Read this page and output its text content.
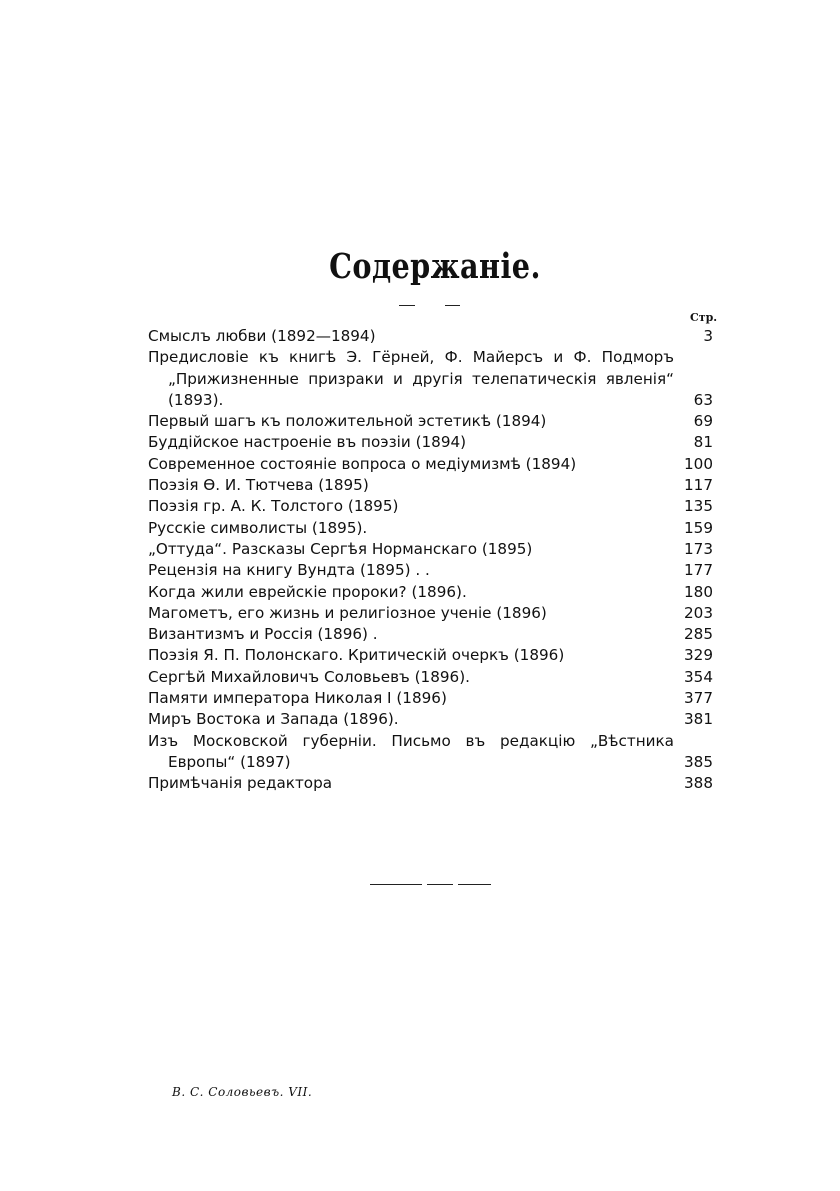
Содержанiе.
Стр.
Смыслъ любви (1892—1894)	3
Предисловiе къ книгѣ Э. Гёрней, Ф. Майерсъ и Ф. Подморъ „Прижизненные призраки и другiя телепатическiя явленiя“ (1893).	63
Первый шагъ къ положительной эстетикѣ (1894)	69
Буддiйское настроенiе въ поэзiи (1894)	81
Современное состоянiе вопроса о медiумизмѣ (1894)	100
Поэзiя Ѳ. И. Тютчева (1895)	117
Поэзiя гр. А. К. Толстого (1895)	135
Русскiе символисты (1895).	159
„Оттуда“. Разсказы Сергѣя Норманскаго (1895)	173
Рецензiя на книгу Вундта (1895) . .	177
Когда жили еврейскiе пророки? (1896).	180
Магометъ, его жизнь и религiозное ученiе (1896)	203
Византизмъ и Россiя (1896) .	285
Поэзiя Я. П. Полонскаго. Критическiй очеркъ (1896)	329
Сергѣй Михайловичъ Соловьевъ (1896).	354
Памяти императора Николая I (1896)	377
Миръ Востока и Запада (1896).	381
Изъ Московской губернiи. Письмо въ редакцiю „Вѣстника Европы“ (1897)	385
Примѣчанiя редактора	388
В. С. Соловьевъ. VII.
